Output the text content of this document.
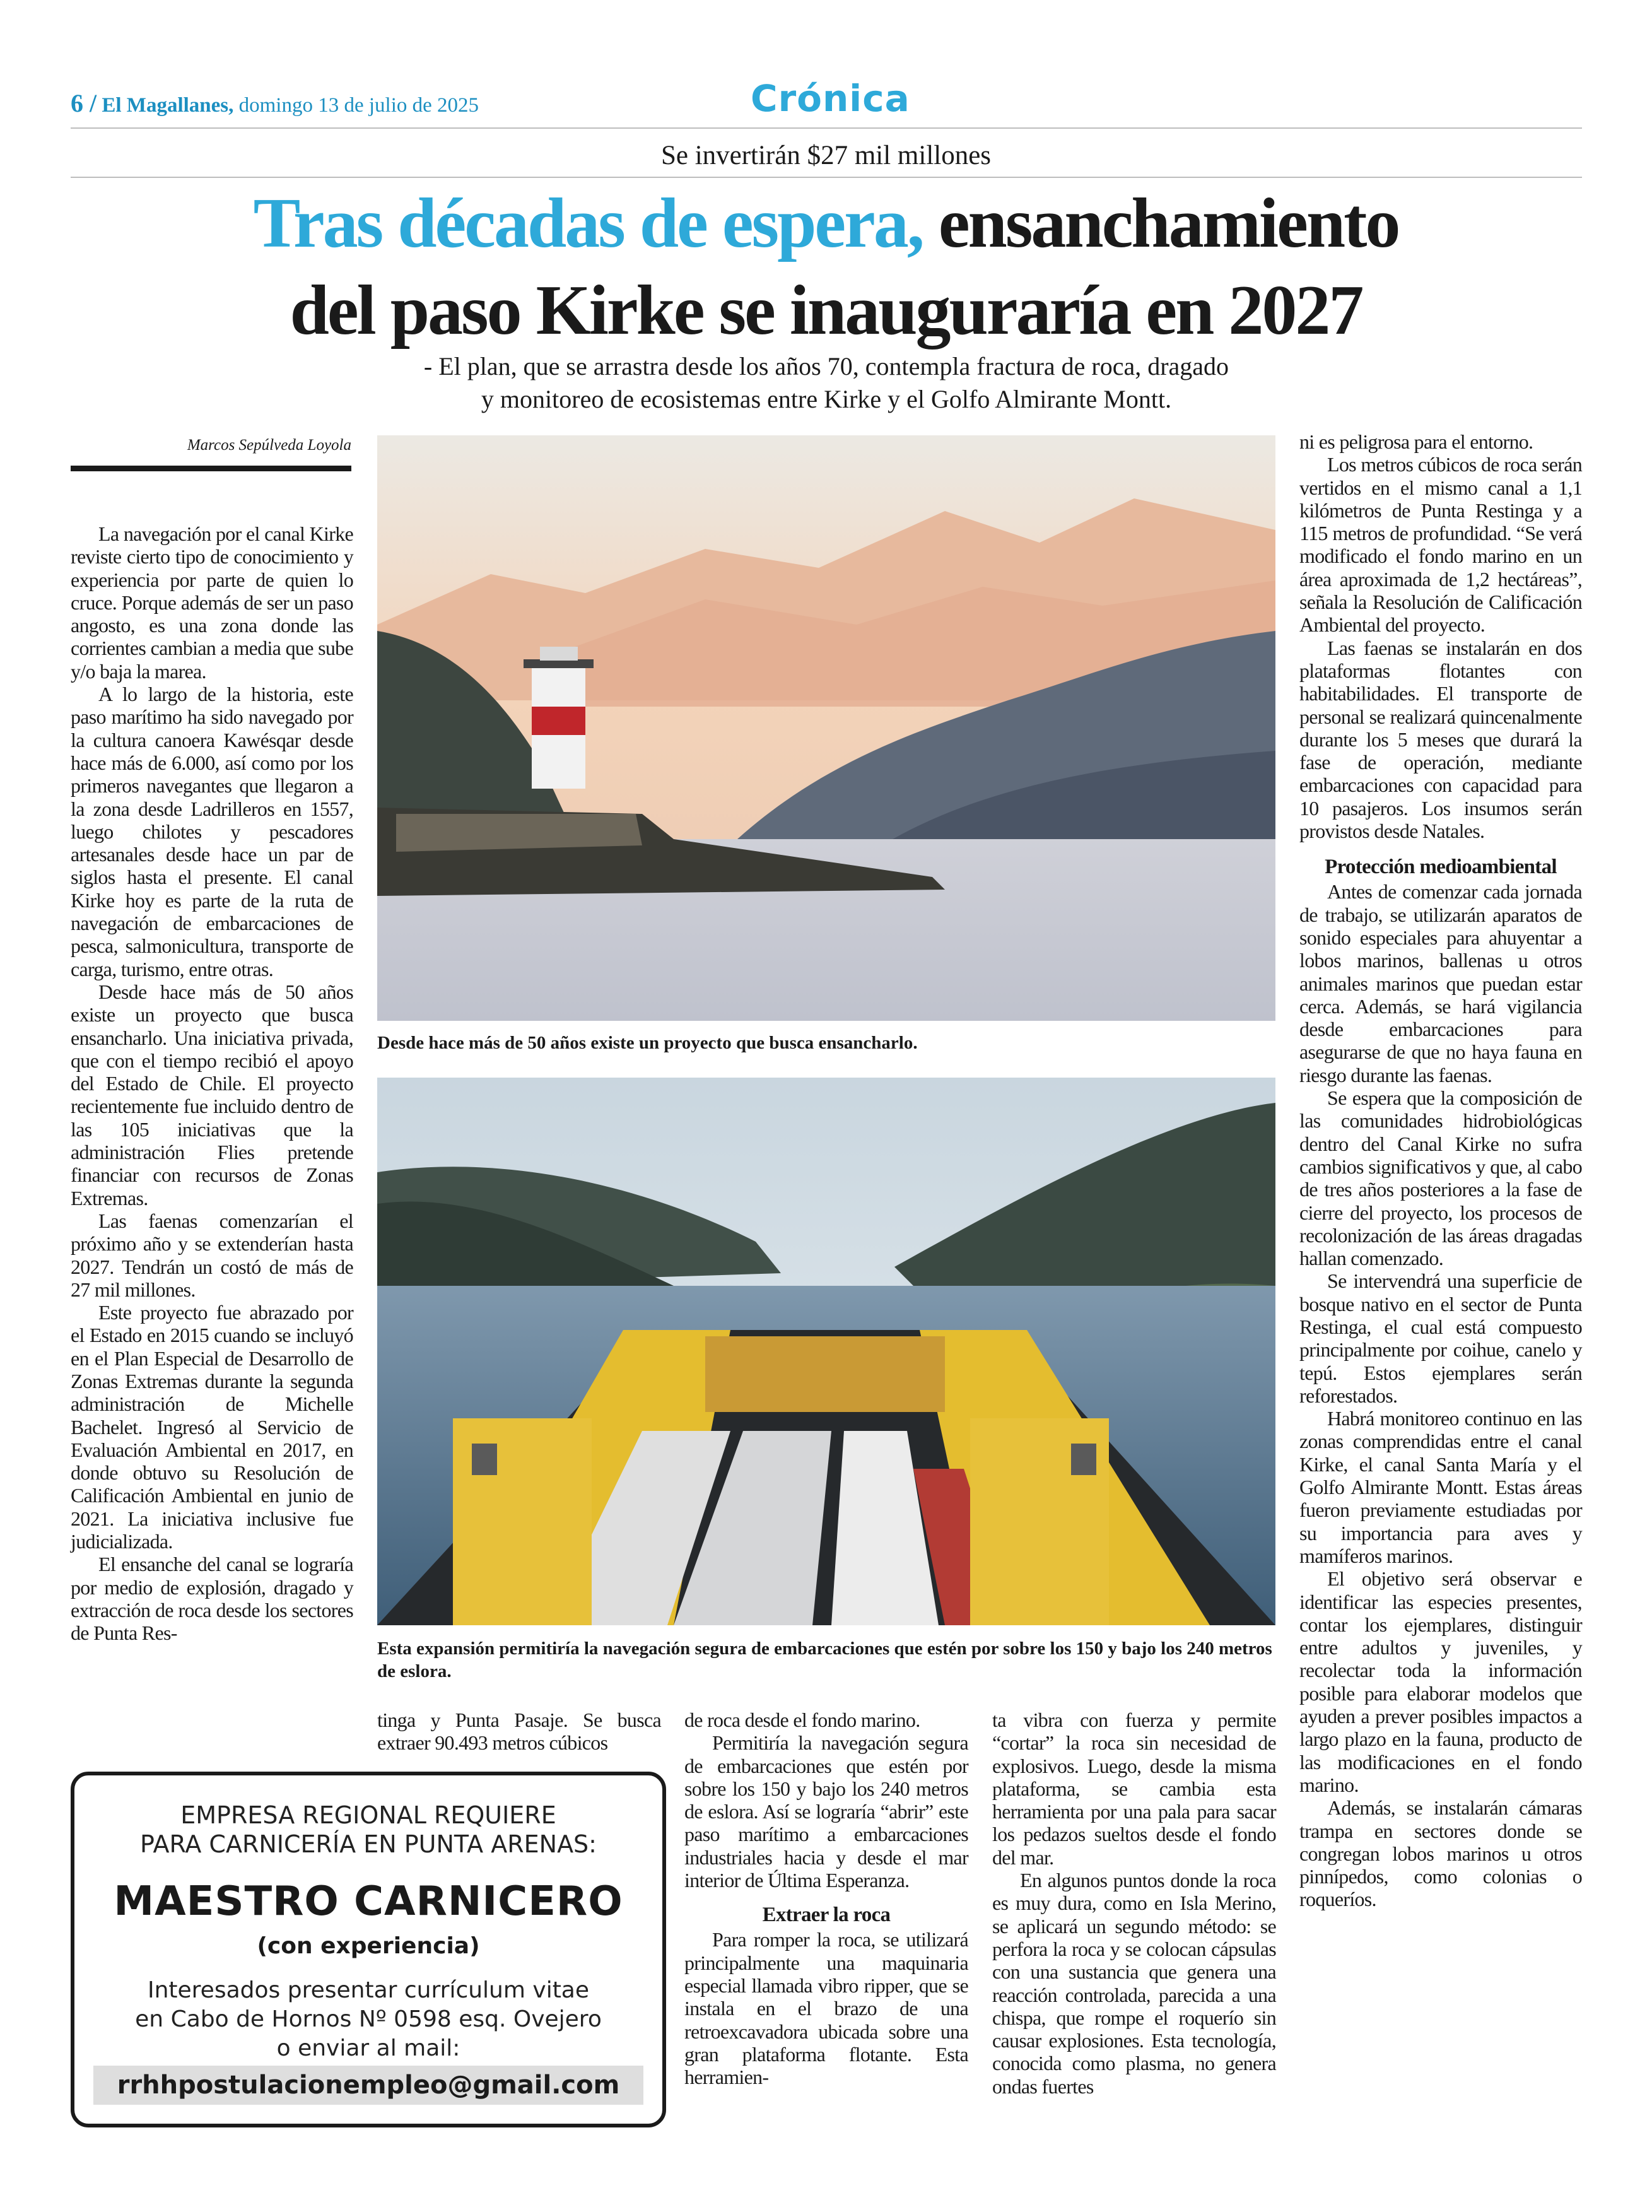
6 / El Magallanes, domingo 13 de julio de 2025	Crónica
Se invertirán $27 mil millones
Tras décadas de espera, ensanchamiento
del paso Kirke se inauguraría en 2027
- El plan, que se arrastra desde los años 70, contempla fractura de roca, dragado
y monitoreo de ecosistemas entre Kirke y el Golfo Almirante Montt.
Marcos Sepúlveda Loyola

La navegación por el canal Kirke reviste cierto tipo de conocimiento y experiencia por parte de quien lo cruce. Porque además de ser un paso angosto, es una zona donde las corrientes cambian a media que sube y/o baja la marea.

A lo largo de la historia, este paso marítimo ha sido navegado por la cultura canoera Kawésqar desde hace más de 6.000, así como por los primeros navegantes que llegaron a la zona desde Ladrilleros en 1557, luego chilotes y pescadores artesanales desde hace un par de siglos hasta el presente. El canal Kirke hoy es parte de la ruta de navegación de embarcaciones de pesca, salmonicultura, transporte de carga, turismo, entre otras.

Desde hace más de 50 años existe un proyecto que busca ensancharlo. Una iniciativa privada, que con el tiempo recibió el apoyo del Estado de Chile. El proyecto recientemente fue incluido dentro de las 105 iniciativas que la administración Flies pretende financiar con recursos de Zonas Extremas.

Las faenas comenzarían el próximo año y se extenderían hasta 2027. Tendrán un costó de más de 27 mil millones.

Este proyecto fue abrazado por el Estado en 2015 cuando se incluyó en el Plan Especial de Desarrollo de Zonas Extremas durante la segunda administración de Michelle Bachelet. Ingresó al Servicio de Evaluación Ambiental en 2017, en donde obtuvo su Resolución de Calificación Ambiental en junio de 2021. La iniciativa inclusive fue judicializada.

El ensanche del canal se lograría por medio de explosión, dragado y extracción de roca desde los sectores de Punta Res-

Desde hace más de 50 años existe un proyecto que busca ensancharlo.
Esta expansión permitiría la navegación segura de embarcaciones que estén por sobre los 150 y bajo los 240 metros de eslora.

tinga y Punta Pasaje. Se busca extraer 90.493 metros cúbicos

de roca desde el fondo marino.

Permitiría la navegación segura de embarcaciones que estén por sobre los 150 y bajo los 240 metros de eslora. Así se lograría “abrir” este paso marítimo a embarcaciones industriales hacia y desde el mar interior de Última Esperanza.

Extraer la roca

Para romper la roca, se utilizará principalmente una maquinaria especial llamada vibro ripper, que se instala en el brazo de una retroexcavadora ubicada sobre una gran plataforma flotante. Esta herramien-

ta vibra con fuerza y permite “cortar” la roca sin necesidad de explosivos. Luego, desde la misma plataforma, se cambia esta herramienta por una pala para sacar los pedazos sueltos desde el fondo del mar.

En algunos puntos donde la roca es muy dura, como en Isla Merino, se aplicará un segundo método: se perfora la roca y se colocan cápsulas con una sustancia que genera una reacción controlada, parecida a una chispa, que rompe el roquerío sin causar explosiones. Esta tecnología, conocida como plasma, no genera ondas fuertes

ni es peligrosa para el entorno.

Los metros cúbicos de roca serán vertidos en el mismo canal a 1,1 kilómetros de Punta Restinga y a 115 metros de profundidad. “Se verá modificado el fondo marino en un área aproximada de 1,2 hectáreas”, señala la Resolución de Calificación Ambiental del proyecto.

Las faenas se instalarán en dos plataformas flotantes con habitabilidades. El transporte de personal se realizará quincenalmente durante los 5 meses que durará la fase de operación, mediante embarcaciones con capacidad para 10 pasajeros. Los insumos serán provistos desde Natales.

Protección medioambiental

Antes de comenzar cada jornada de trabajo, se utilizarán aparatos de sonido especiales para ahuyentar a lobos marinos, ballenas u otros animales marinos que puedan estar cerca. Además, se hará vigilancia desde embarcaciones para asegurarse de que no haya fauna en riesgo durante las faenas.

Se espera que la composición de las comunidades hidrobiológicas dentro del Canal Kirke no sufra cambios significativos y que, al cabo de tres años posteriores a la fase de cierre del proyecto, los procesos de recolonización de las áreas dragadas hallan comenzado.

Se intervendrá una superficie de bosque nativo en el sector de Punta Restinga, el cual está compuesto principalmente por coihue, canelo y tepú. Estos ejemplares serán reforestados.

Habrá monitoreo continuo en las zonas comprendidas entre el canal Kirke, el canal Santa María y el Golfo Almirante Montt. Estas áreas fueron previamente estudiadas por su importancia para aves y mamíferos marinos.

El objetivo será observar e identificar las especies presentes, contar los ejemplares, distinguir entre adultos y juveniles, y recolectar toda la información posible para elaborar modelos que ayuden a prever posibles impactos a largo plazo en la fauna, producto de las modificaciones en el fondo marino.

Además, se instalarán cámaras trampa en sectores donde se congregan lobos marinos u otros pinnípedos, como colonias o roqueríos.

EMPRESA REGIONAL REQUIERE
PARA CARNICERÍA EN PUNTA ARENAS:
MAESTRO CARNICERO
(con experiencia)
Interesados presentar currículum vitae
en Cabo de Hornos Nº 0598 esq. Ovejero
o enviar al mail:
rrhhpostulacionempleo@gmail.com
